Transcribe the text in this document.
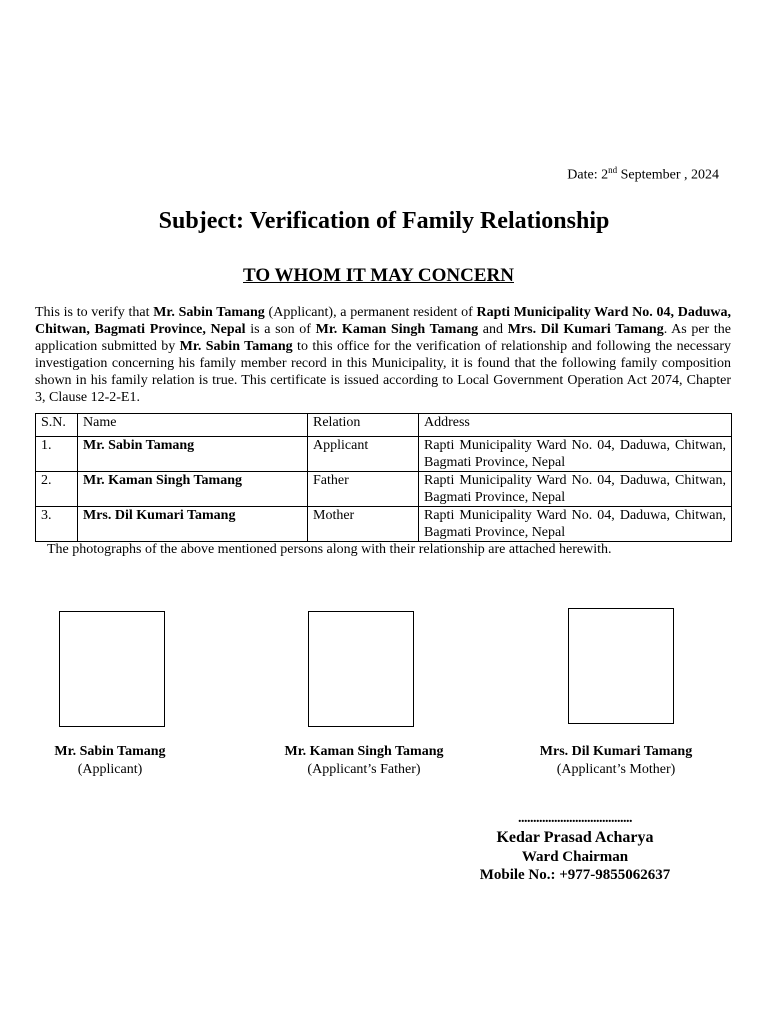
Date: 2nd September , 2024
Subject: Verification of Family Relationship
TO WHOM IT MAY CONCERN

This is to verify that Mr. Sabin Tamang (Applicant), a permanent resident of Rapti Municipality Ward No. 04, Daduwa, Chitwan, Bagmati Province, Nepal is a son of Mr. Kaman Singh Tamang and Mrs. Dil Kumari Tamang. As per the application submitted by Mr. Sabin Tamang to this office for the verification of relationship and following the necessary investigation concerning his family member record in this Municipality, it is found that the following family composition shown in his family relation is true. This certificate is issued according to Local Government Operation Act 2074, Chapter 3, Clause 12-2-E1.

S.N.	Name	Relation	Address
1.	Mr. Sabin Tamang	Applicant	Rapti Municipality Ward No. 04, Daduwa, Chitwan, Bagmati Province, Nepal
2.	Mr. Kaman Singh Tamang	Father	Rapti Municipality Ward No. 04, Daduwa, Chitwan, Bagmati Province, Nepal
3.	Mrs. Dil Kumari Tamang	Mother	Rapti Municipality Ward No. 04, Daduwa, Chitwan, Bagmati Province, Nepal
The photographs of the above mentioned persons along with their relationship are attached herewith.
Mr. Sabin Tamang
(Applicant)
Mr. Kaman Singh Tamang
(Applicant’s Father)
Mrs. Dil Kumari Tamang
(Applicant’s Mother)
......................................
Kedar Prasad Acharya
Ward Chairman
Mobile No.: +977-9855062637
